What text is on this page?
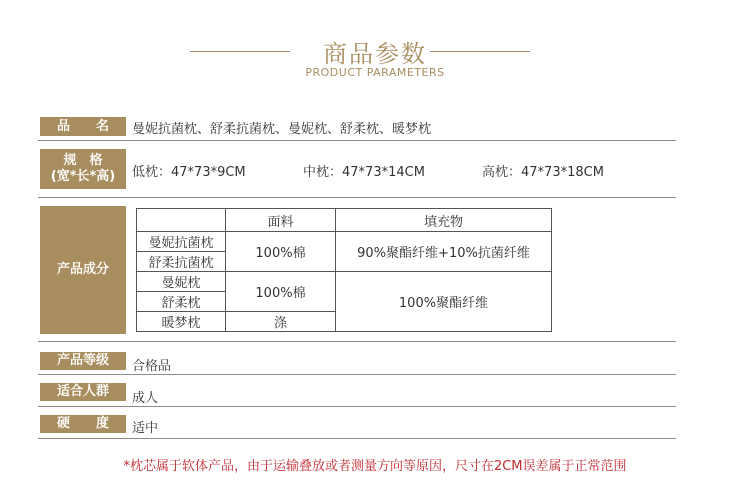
商品参数
PRODUCT PARAMETERS
品　　名	曼妮抗菌枕、舒柔抗菌枕、曼妮枕、舒柔枕、暖梦枕
规　格
(宽*长*高) 低枕：47*73*9CM	中枕：47*73*14CM	高枕：47*73*18CM
产品成分
	面料	填充物
曼妮抗菌枕	100%棉	90%聚酯纤维+10%抗菌纤维
舒柔抗菌枕		
曼妮枕	100%棉	100%聚酯纤维
舒柔枕		
暖梦枕	涤	
产品等级	合格品
适合人群	成人
硬　　度	适中
*枕芯属于软体产品，由于运输叠放或者测量方向等原因，尺寸在2CM误差属于正常范围
